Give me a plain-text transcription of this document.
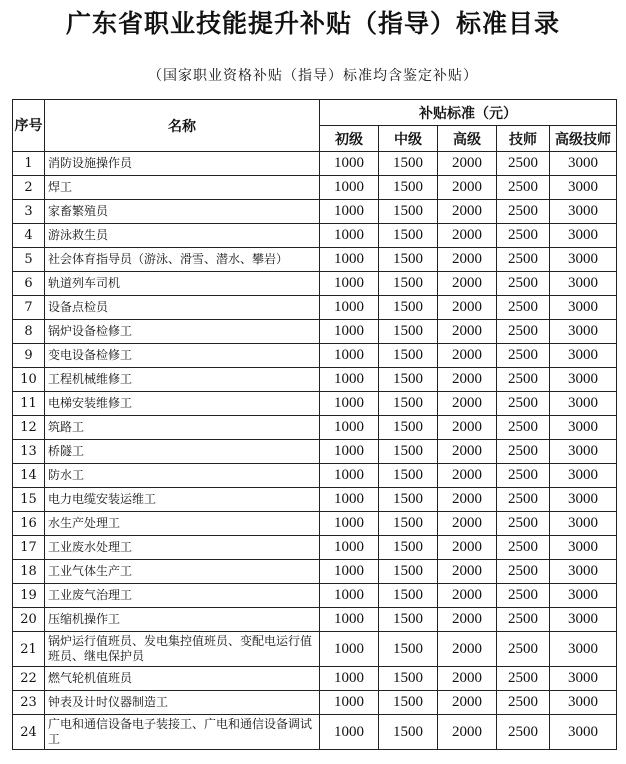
广东省职业技能提升补贴（指导）标准目录
（国家职业资格补贴（指导）标准均含鉴定补贴）
序号	名称	补贴标准（元）				
		初级	中级	高级	技师	高级技师
1	消防设施操作员	1000	1500	2000	2500	3000
2	焊工	1000	1500	2000	2500	3000
3	家畜繁殖员	1000	1500	2000	2500	3000
4	游泳救生员	1000	1500	2000	2500	3000
5	社会体育指导员（游泳、滑雪、潜水、攀岩）	1000	1500	2000	2500	3000
6	轨道列车司机	1000	1500	2000	2500	3000
7	设备点检员	1000	1500	2000	2500	3000
8	锅炉设备检修工	1000	1500	2000	2500	3000
9	变电设备检修工	1000	1500	2000	2500	3000
10	工程机械维修工	1000	1500	2000	2500	3000
11	电梯安装维修工	1000	1500	2000	2500	3000
12	筑路工	1000	1500	2000	2500	3000
13	桥隧工	1000	1500	2000	2500	3000
14	防水工	1000	1500	2000	2500	3000
15	电力电缆安装运维工	1000	1500	2000	2500	3000
16	水生产处理工	1000	1500	2000	2500	3000
17	工业废水处理工	1000	1500	2000	2500	3000
18	工业气体生产工	1000	1500	2000	2500	3000
19	工业废气治理工	1000	1500	2000	2500	3000
20	压缩机操作工	1000	1500	2000	2500	3000
21	锅炉运行值班员、发电集控值班员、变配电运行值班员、继电保护员	1000	1500	2000	2500	3000
22	燃气轮机值班员	1000	1500	2000	2500	3000
23	钟表及计时仪器制造工	1000	1500	2000	2500	3000
24	广电和通信设备电子装接工、广电和通信设备调试工	1000	1500	2000	2500	3000
